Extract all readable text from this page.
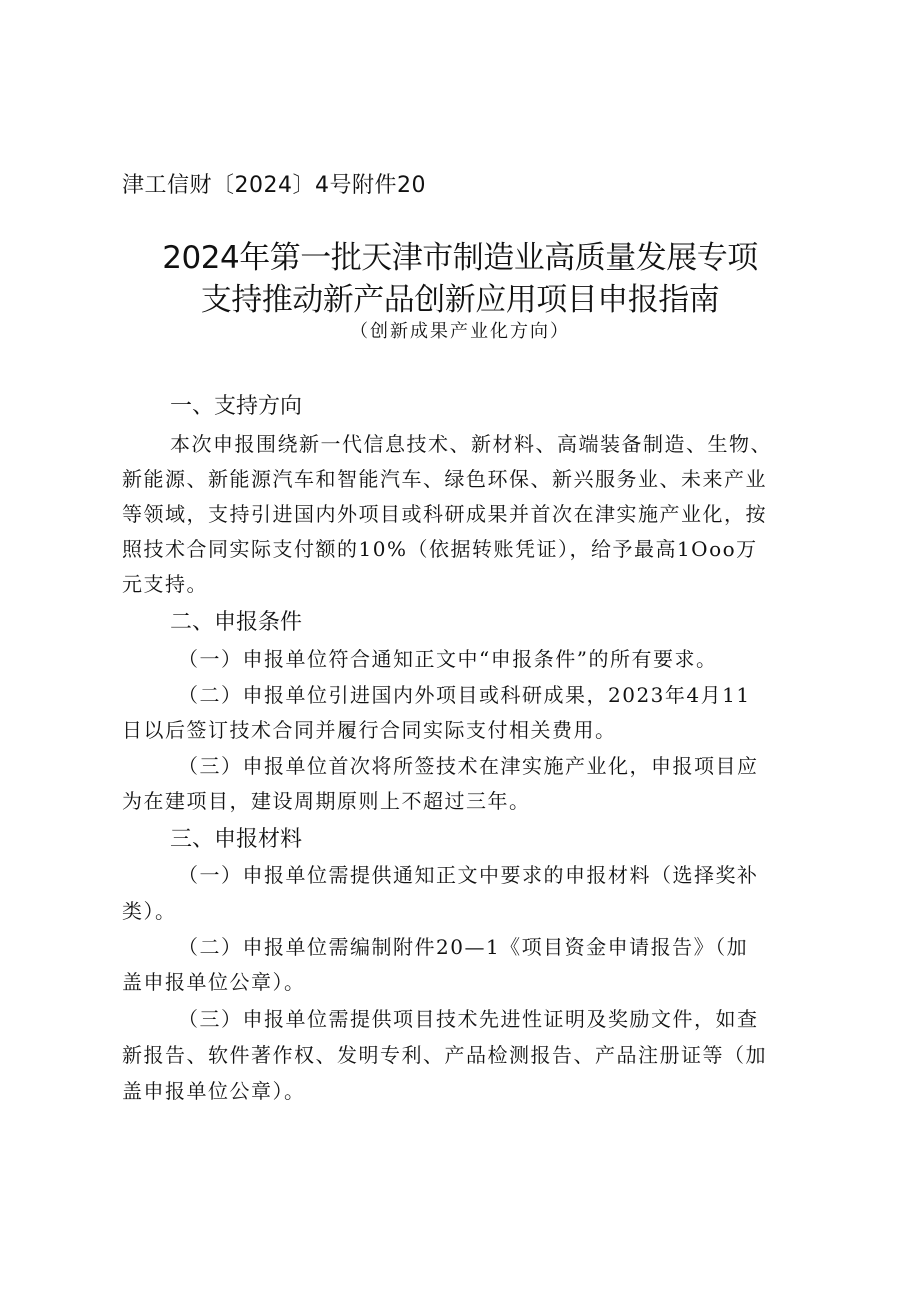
津工信财〔2024〕4号附件20
2024年第一批天津市制造业高质量发展专项
支持推动新产品创新应用项目申报指南
（创新成果产业化方向）
一、支持方向
本次申报围绕新一代信息技术、新材料、高端装备制造、生物、
新能源、新能源汽车和智能汽车、绿色环保、新兴服务业、未来产业
等领域，支持引进国内外项目或科研成果并首次在津实施产业化，按
照技术合同实际支付额的10%（依据转账凭证），给予最高1Ooo万
元支持。
二、申报条件
（一）申报单位符合通知正文中“申报条件”的所有要求。
（二）申报单位引进国内外项目或科研成果，2023年4月11
日以后签订技术合同并履行合同实际支付相关费用。
（三）申报单位首次将所签技术在津实施产业化，申报项目应
为在建项目，建设周期原则上不超过三年。
三、申报材料
（一）申报单位需提供通知正文中要求的申报材料（选择奖补
类）。
（二）申报单位需编制附件20—1《项目资金申请报告》（加
盖申报单位公章）。
（三）申报单位需提供项目技术先进性证明及奖励文件，如查
新报告、软件著作权、发明专利、产品检测报告、产品注册证等（加
盖申报单位公章）。
